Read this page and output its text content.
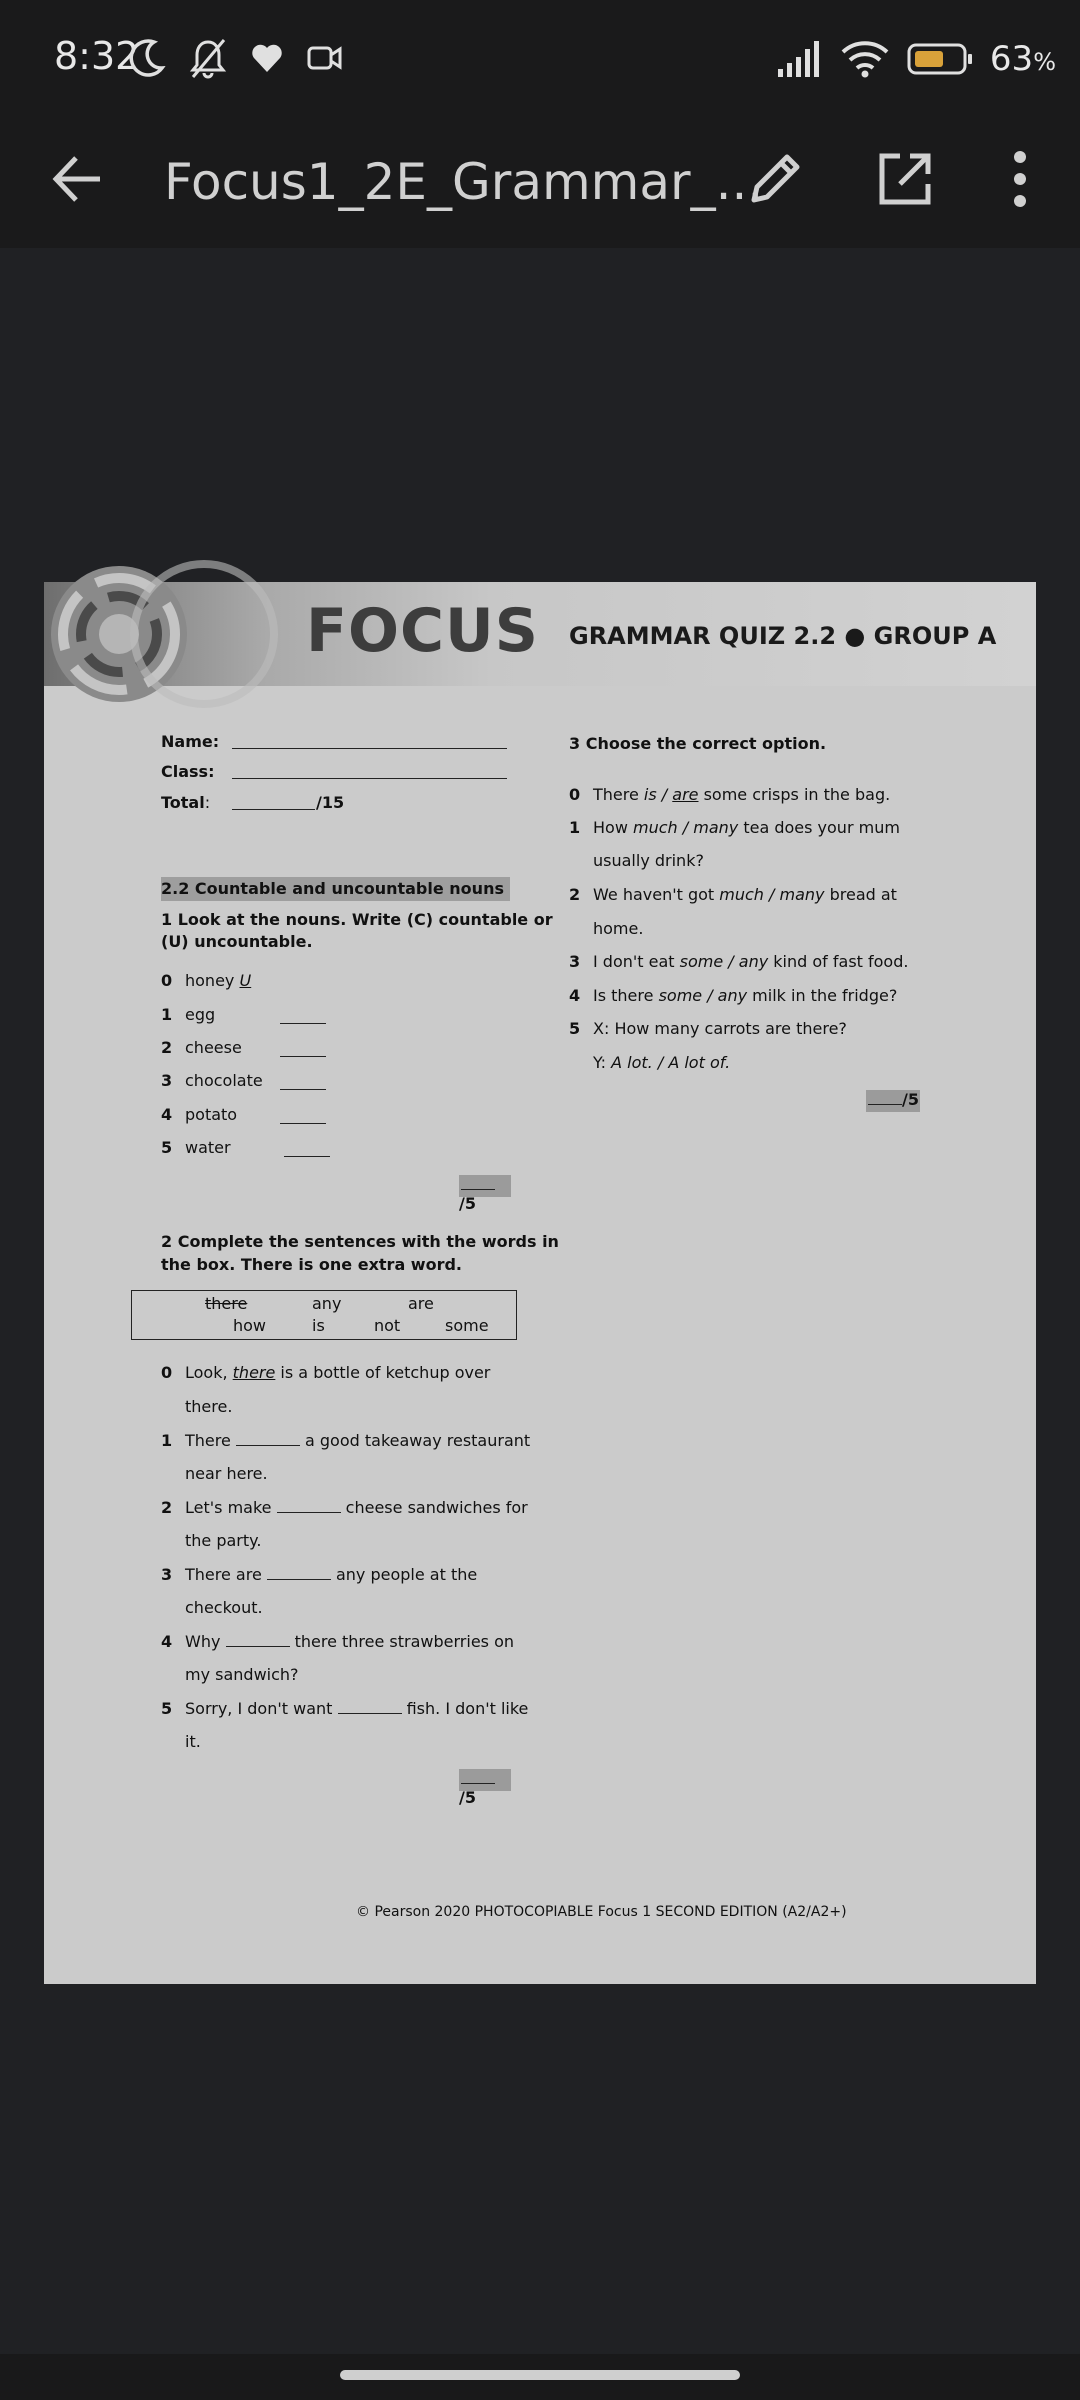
8:32	63%
Focus1_2E_Grammar_...
FOCUS GRAMMAR QUIZ 2.2 ● GROUP A
Name:
Class:
Total:	/15
2.2 Countable and uncountable nouns
1 Look at the nouns. Write (C) countable or
(U) uncountable.
0 honey U
1 egg
2 cheese
3 chocolate
4 potato
5 water
/5
2 Complete the sentences with the words in
the box. There is one extra word.
there	any	are
how	is	not	some
0 Look, there is a bottle of ketchup over
there.
1 There	a good takeaway restaurant
near here.
2 Let's make	cheese sandwiches for
the party.
3 There are	any people at the
checkout.
4 Why	there three strawberries on
my sandwich?
5 Sorry, I don't want	fish. I don't like
it.
/5
3 Choose the correct option.
0 There is / are some crisps in the bag.
1 How much / many tea does your mum
usually drink?
2 We haven't got much / many bread at
home.
3 I don't eat some / any kind of fast food.
4 Is there some / any milk in the fridge?
5 X: How many carrots are there?
Y: A lot. / A lot of.
/5
© Pearson 2020 PHOTOCOPIABLE Focus 1 SECOND EDITION (A2/A2+)
